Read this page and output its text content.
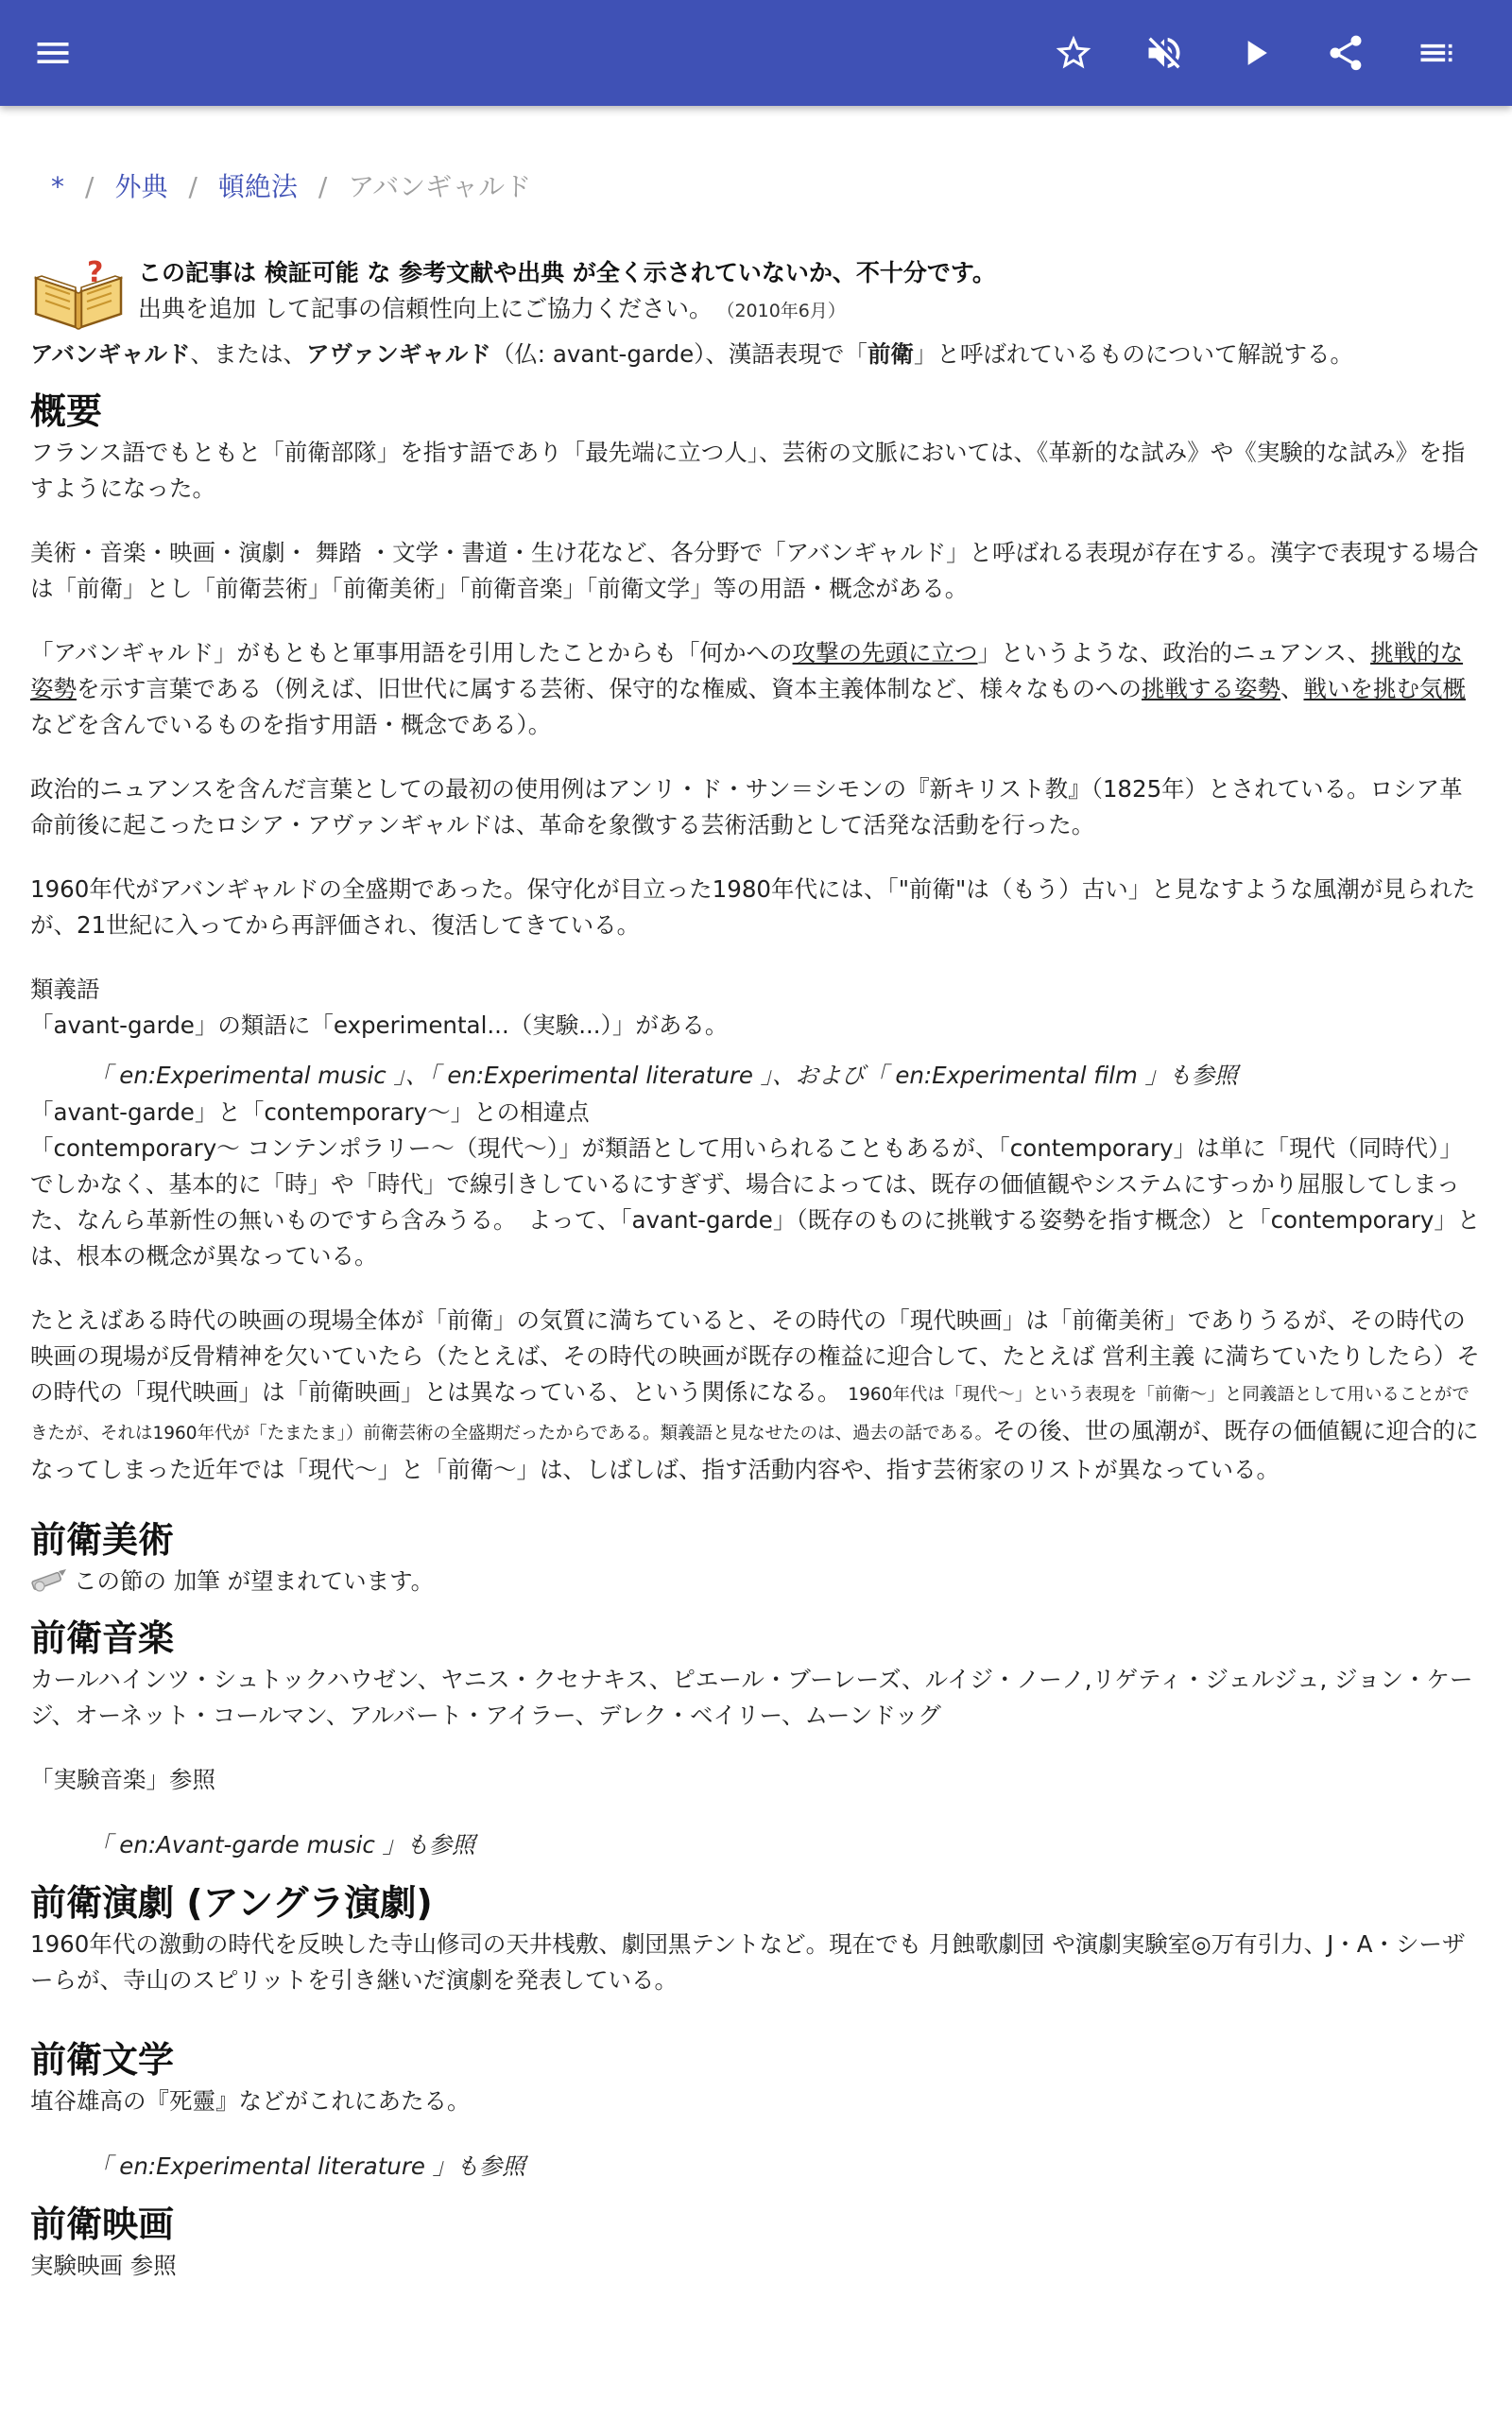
* / 外典 / 頓絶法 / アバンギャルド
? この記事は 検証可能 な 参考文献や出典 が全く示されていないか、不十分です。
出典を追加 して記事の信頼性向上にご協力ください。 （2010年6月）

アバンギャルド、または、アヴァンギャルド（仏: avant-garde）、漢語表現で「前衛」と呼ばれているものについて解説する。

概要

フランス語でもともと「前衛部隊」を指す語であり「最先端に立つ人」、芸術の文脈においては、《革新的な試み》や《実験的な試み》を指すようになった。

美術・音楽・映画・演劇・ 舞踏 ・文学・書道・生け花など、各分野で「アバンギャルド」と呼ばれる表現が存在する。漢字で表現する場合は「前衛」とし「前衛芸術」「前衛美術」「前衛音楽」「前衛文学」等の用語・概念がある。

「アバンギャルド」がもともと軍事用語を引用したことからも「何かへの攻撃の先頭に立つ」というような、政治的ニュアンス、挑戦的な姿勢を示す言葉である（例えば、旧世代に属する芸術、保守的な権威、資本主義体制など、様々なものへの挑戦する姿勢、戦いを挑む気概などを含んでいるものを指す用語・概念である）。

政治的ニュアンスを含んだ言葉としての最初の使用例はアンリ・ド・サン＝シモンの『新キリスト教』（1825年）とされている。ロシア革命前後に起こったロシア・アヴァンギャルドは、革命を象徴する芸術活動として活発な活動を行った。

1960年代がアバンギャルドの全盛期であった。保守化が目立った1980年代には、「"前衛"は（もう）古い」と見なすような風潮が見られたが、21世紀に入ってから再評価され、復活してきている。

類義語

「avant-garde」の類語に「experimental...（実験...）」がある。

「 en:Experimental music 」、「 en:Experimental literature 」、および「 en:Experimental film 」も参照

「avant-garde」と「contemporary〜」との相違点

「contemporary〜 コンテンポラリー〜（現代〜）」が類語として用いられることもあるが、「contemporary」は単に「現代（同時代）」でしかなく、基本的に「時」や「時代」で線引きしているにすぎず、場合によっては、既存の価値観やシステムにすっかり屈服してしまった、なんら革新性の無いものですら含みうる。　よって、「avant-garde」（既存のものに挑戦する姿勢を指す概念）と「contemporary」とは、根本の概念が異なっている。

たとえばある時代の映画の現場全体が「前衛」の気質に満ちていると、その時代の「現代映画」は「前衛美術」でありうるが、その時代の映画の現場が反骨精神を欠いていたら（たとえば、その時代の映画が既存の権益に迎合して、たとえば 営利主義 に満ちていたりしたら）その時代の「現代映画」は「前衛映画」とは異なっている、という関係になる。 1960年代は「現代〜」という表現を「前衛〜」と同義語として用いることができたが、それは1960年代が「たまたま」）前衛芸術の全盛期だったからである。類義語と見なせたのは、過去の話である。その後、世の風潮が、既存の価値観に迎合的になってしまった近年では「現代〜」と「前衛〜」は、しばしば、指す活動内容や、指す芸術家のリストが異なっている。

前衛美術

この節の 加筆 が望まれています。

前衛音楽

カールハインツ・シュトックハウゼン、ヤニス・クセナキス、ピエール・ブーレーズ、ルイジ・ノーノ,リゲティ・ジェルジュ, ジョン・ケージ、オーネット・コールマン、アルバート・アイラー、デレク・ベイリー、ムーンドッグ

「実験音楽」参照

「 en:Avant-garde music 」も参照

前衛演劇 (アングラ演劇)

1960年代の激動の時代を反映した寺山修司の天井桟敷、劇団黒テントなど。現在でも 月蝕歌劇団 や演劇実験室◎万有引力、J・A・シーザーらが、寺山のスピリットを引き継いだ演劇を発表している。

前衛文学

埴谷雄高の『死靈』などがこれにあたる。

「 en:Experimental literature 」も参照

前衛映画

実験映画 参照
